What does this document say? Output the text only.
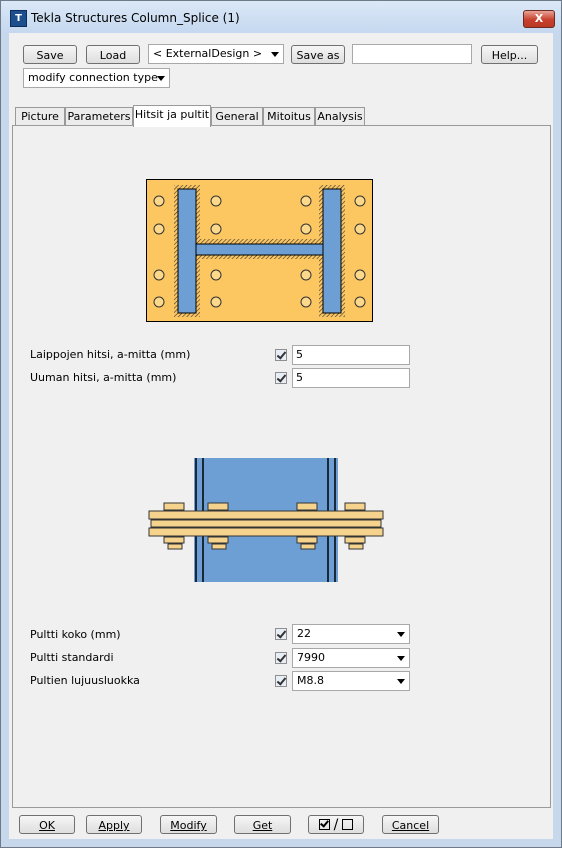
T Tekla Structures Column_Splice (1)	X
Save	Load	< ExternalDesign >	Save as	Help...
modify connection type
Picture Parameters Hitsit ja pultit General Mitoitus Analysis
Laippojen hitsi, a-mitta (mm)	5
Uuman hitsi, a-mitta (mm)	5
Pultti koko (mm)	22
Pultti standardi	7990
Pultien lujuusluokka	M8.8
OK	Apply	Modify	Get	/	Cancel
